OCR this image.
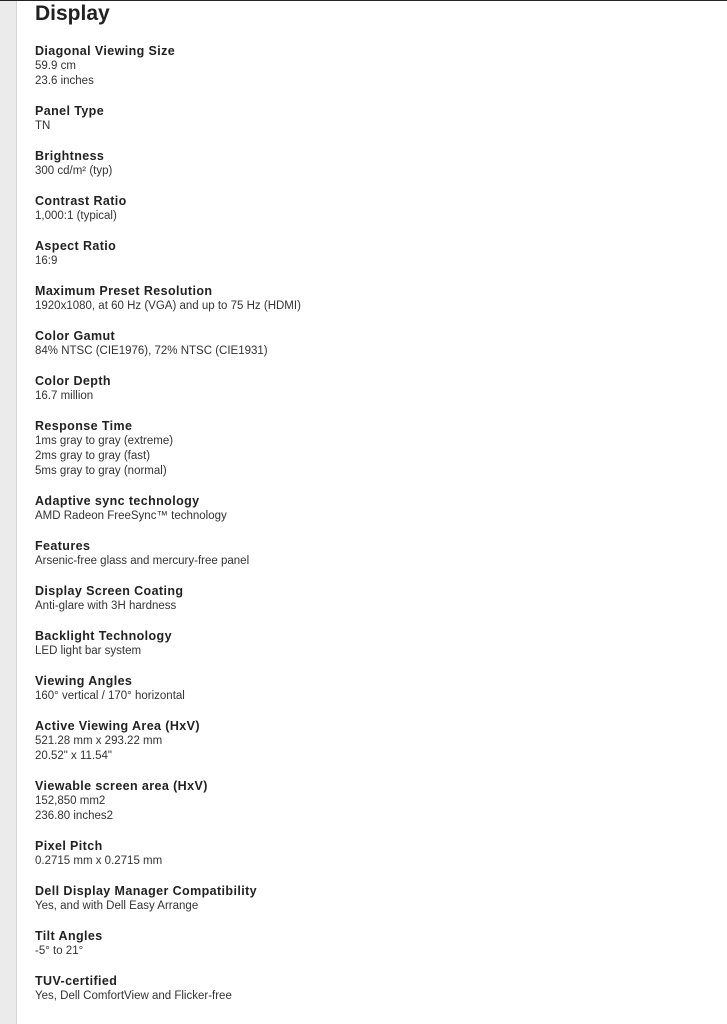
Display
Diagonal Viewing Size
59.9 cm
23.6 inches
Panel Type
TN
Brightness
300 cd/m² (typ)
Contrast Ratio
1,000:1 (typical)
Aspect Ratio
16:9
Maximum Preset Resolution
1920x1080, at 60 Hz (VGA) and up to 75 Hz (HDMI)
Color Gamut
84% NTSC (CIE1976), 72% NTSC (CIE1931)
Color Depth
16.7 million
Response Time
1ms gray to gray (extreme)
2ms gray to gray (fast)
5ms gray to gray (normal)
Adaptive sync technology
AMD Radeon FreeSync™ technology
Features
Arsenic-free glass and mercury-free panel
Display Screen Coating
Anti-glare with 3H hardness
Backlight Technology
LED light bar system
Viewing Angles
160° vertical / 170° horizontal
Active Viewing Area (HxV)
521.28 mm x 293.22 mm
20.52" x 11.54"
Viewable screen area (HxV)
152,850 mm2
236.80 inches2
Pixel Pitch
0.2715 mm x 0.2715 mm
Dell Display Manager Compatibility
Yes, and with Dell Easy Arrange
Tilt Angles
-5° to 21°
TUV-certified
Yes, Dell ComfortView and Flicker-free
